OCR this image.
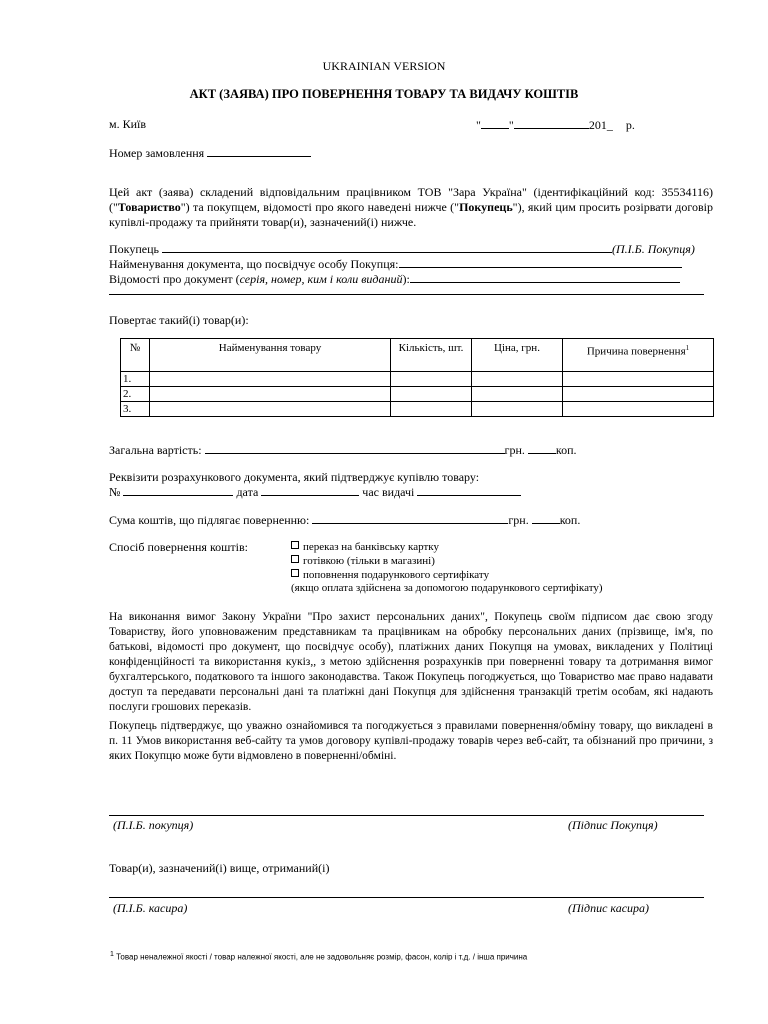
UKRAINIAN VERSION
АКТ (ЗАЯВА) ПРО ПОВЕРНЕННЯ ТОВАРУ ТА ВИДАЧУ КОШТІВ
м. Київ	" "	201_ р.
Номер замовлення
Цей акт (заява) складений відповідальним працівником ТОВ "Зара Україна" (ідентифікаційний код: 35534116) ("Товариство") та покупцем, відомості про якого наведені нижче ("Покупець"), який цим просить розірвати договір купівлі-продажу та прийняти товар(и), зазначений(і) нижче.
Покупець	(П.І.Б. Покупця)
Найменування документа, що посвідчує особу Покупця:
Відомості про документ (серія, номер, ким і коли виданий):
Повертає такий(і) товар(и):
№	Найменування товару	Кількість, шт.	Ціна, грн.	Причина повернення$^1$
1.				
2.				
3.				
Загальна вартість:	грн.	коп.
Реквізити розрахункового документа, який підтверджує купівлю товару:
№	дата	час видачі
Сума коштів, що підлягає поверненню:	грн.	коп.
Спосіб повернення коштів:	переказ на банківську картку
готівкою (тільки в магазині)
поповнення подарункового сертифікату
(якщо оплата здійснена за допомогою подарункового сертифікату)
На виконання вимог Закону України "Про захист персональних даних", Покупець своїм підписом дає свою згоду Товариству, його уповноваженим представникам та працівникам на обробку персональних даних (прізвище, ім'я, по батькові, відомості про документ, що посвідчує особу), платіжних даних Покупця на умовах, викладених у Політиці конфіденційності та використання кукіз,, з метою здійснення розрахунків при поверненні товару та дотримання вимог бухгалтерського, податкового та іншого законодавства. Також Покупець погоджується, що Товариство має право надавати доступ та передавати персональні дані та платіжні дані Покупця для здійснення транзакцій третім особам, які надають послуги грошових переказів.
Покупець підтверджує, що уважно ознайомився та погоджується з правилами повернення/обміну товару, що викладені в п. 11 Умов використання веб-сайту та умов договору купівлі-продажу товарів через веб-сайт, та обізнаний про причини, з яких Покупцю може бути відмовлено в поверненні/обміні.
(П.І.Б. покупця)	(Підпис Покупця)
Товар(и), зазначений(і) вище, отриманий(і)
(П.І.Б. касира)	(Підпис касира)
$^1$ Товар неналежної якості / товар належної якості, але не задовольняє розмір, фасон, колір і т.д. / інша причина
